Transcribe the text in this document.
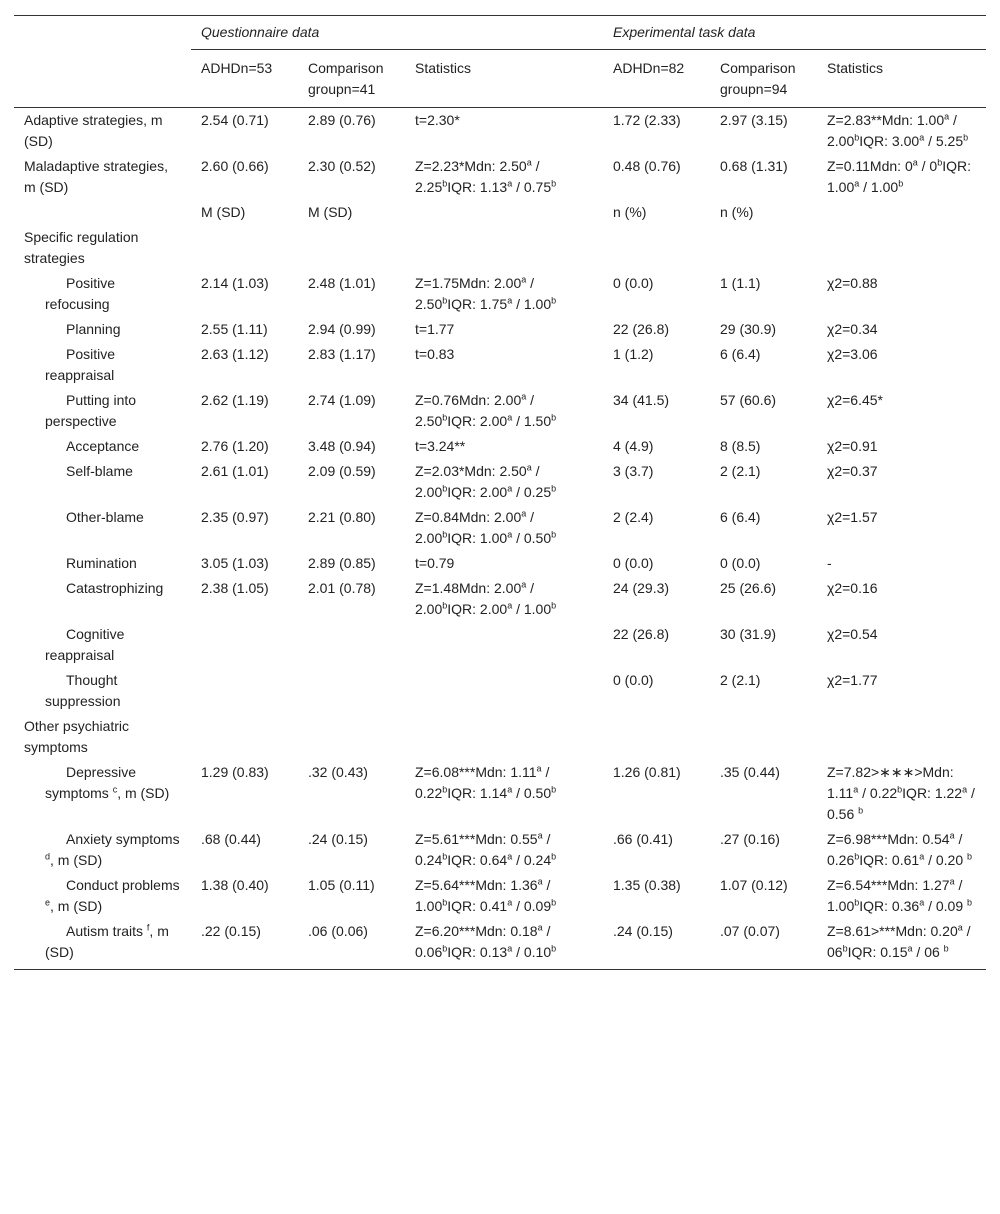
	Questionnaire data			Experimental task data		
	ADHDn=53	Comparison groupn=41	Statistics	ADHDn=82	Comparison groupn=94	Statistics
Adaptive strategies, m (SD)	2.54 (0.71)	2.89 (0.76)	t=2.30*	1.72 (2.33)	2.97 (3.15)	Z=2.83**Mdn: 1.00$^a$ / 2.00$^b$IQR: 3.00$^a$ / 5.25$^b$
Maladaptive strategies, m (SD)	2.60 (0.66)	2.30 (0.52)	Z=2.23*Mdn: 2.50$^a$ / 2.25$^b$IQR: 1.13$^a$ / 0.75$^b$	0.48 (0.76)	0.68 (1.31)	Z=0.11Mdn: 0$^a$ / 0$^b$IQR: 1.00$^a$ / 1.00$^b$
	M (SD)	M (SD)		n (%)	n (%)	
Specific regulation strategies						

Positive refocusing	2.14 (1.03)	2.48 (1.01)	Z=1.75Mdn: 2.00$^a$ / 2.50$^b$IQR: 1.75$^a$ / 1.00$^b$	0 (0.0)	1 (1.1)	χ2=0.88

Planning	2.55 (1.11)	2.94 (0.99)	t=1.77	22 (26.8)	29 (30.9)	χ2=0.34

Positive reappraisal	2.63 (1.12)	2.83 (1.17)	t=0.83	1 (1.2)	6 (6.4)	χ2=3.06

Putting into perspective	2.62 (1.19)	2.74 (1.09)	Z=0.76Mdn: 2.00$^a$ / 2.50$^b$IQR: 2.00$^a$ / 1.50$^b$	34 (41.5)	57 (60.6)	χ2=6.45*

Acceptance	2.76 (1.20)	3.48 (0.94)	t=3.24**	4 (4.9)	8 (8.5)	χ2=0.91

Self-blame	2.61 (1.01)	2.09 (0.59)	Z=2.03*Mdn: 2.50$^a$ / 2.00$^b$IQR: 2.00$^a$ / 0.25$^b$	3 (3.7)	2 (2.1)	χ2=0.37

Other-blame	2.35 (0.97)	2.21 (0.80)	Z=0.84Mdn: 2.00$^a$ / 2.00$^b$IQR: 1.00$^a$ / 0.50$^b$	2 (2.4)	6 (6.4)	χ2=1.57

Rumination	3.05 (1.03)	2.89 (0.85)	t=0.79	0 (0.0)	0 (0.0)	-

Catastrophizing	2.38 (1.05)	2.01 (0.78)	Z=1.48Mdn: 2.00$^a$ / 2.00$^b$IQR: 2.00$^a$ / 1.00$^b$	24 (29.3)	25 (26.6)	χ2=0.16

Cognitive reappraisal				22 (26.8)	30 (31.9)	χ2=0.54

Thought suppression				0 (0.0)	2 (2.1)	χ2=1.77
Other psychiatric symptoms						

Depressive symptoms $^c$, m (SD)	1.29 (0.83)	.32 (0.43)	Z=6.08***Mdn: 1.11$^a$ / 0.22$^b$IQR: 1.14$^a$ / 0.50$^b$	1.26 (0.81)	.35 (0.44)	Z=7.82>∗∗∗>Mdn: 1.11$^a$ / 0.22$^b$IQR: 1.22$^a$ / 0.56 $^b$

Anxiety symptoms $^d$, m (SD)	.68 (0.44)	.24 (0.15)	Z=5.61***Mdn: 0.55$^a$ / 0.24$^b$IQR: 0.64$^a$ / 0.24$^b$	.66 (0.41)	.27 (0.16)	Z=6.98***Mdn: 0.54$^a$ / 0.26$^b$IQR: 0.61$^a$ / 0.20 $^b$

Conduct problems $^e$, m (SD)	1.38 (0.40)	1.05 (0.11)	Z=5.64***Mdn: 1.36$^a$ / 1.00$^b$IQR: 0.41$^a$ / 0.09$^b$	1.35 (0.38)	1.07 (0.12)	Z=6.54***Mdn: 1.27$^a$ / 1.00$^b$IQR: 0.36$^a$ / 0.09 $^b$

Autism traits $^f$, m (SD)	.22 (0.15)	.06 (0.06)	Z=6.20***Mdn: 0.18$^a$ / 0.06$^b$IQR: 0.13$^a$ / 0.10$^b$	.24 (0.15)	.07 (0.07)	Z=8.61>***Mdn: 0.20$^a$ / 06$^b$IQR: 0.15$^a$ / 06 $^b$
